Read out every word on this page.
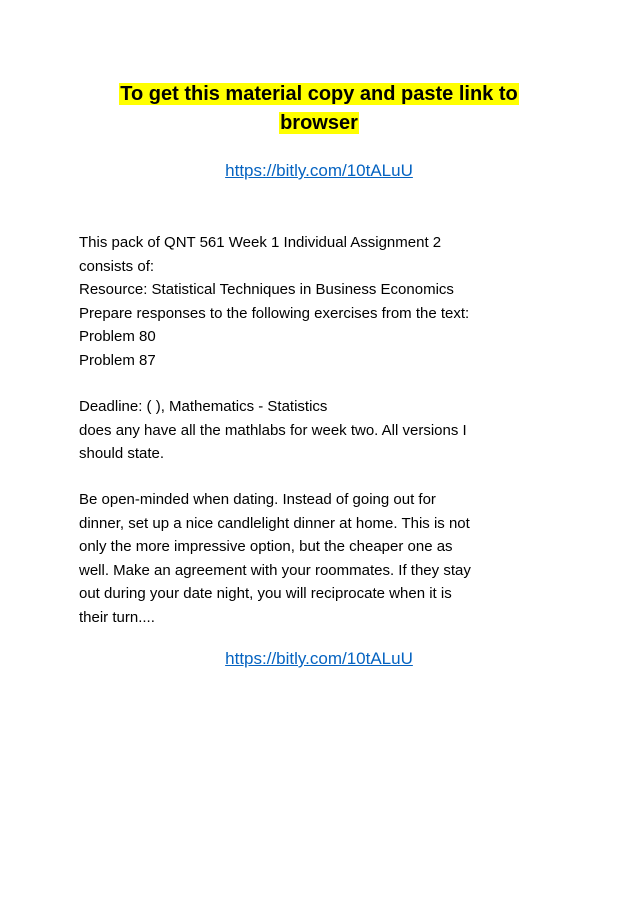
To get this material copy and paste link to
browser
https://bitly.com/10tALuU
This pack of QNT 561 Week 1 Individual Assignment 2
consists of:
Resource: Statistical Techniques in Business Economics
Prepare responses to the following exercises from the text:
Problem 80
Problem 87
Deadline: ( ), Mathematics - Statistics
does any have all the mathlabs for week two. All versions I
should state.
Be open-minded when dating. Instead of going out for
dinner, set up a nice candlelight dinner at home. This is not
only the more impressive option, but the cheaper one as
well. Make an agreement with your roommates. If they stay
out during your date night, you will reciprocate when it is
their turn....
https://bitly.com/10tALuU
